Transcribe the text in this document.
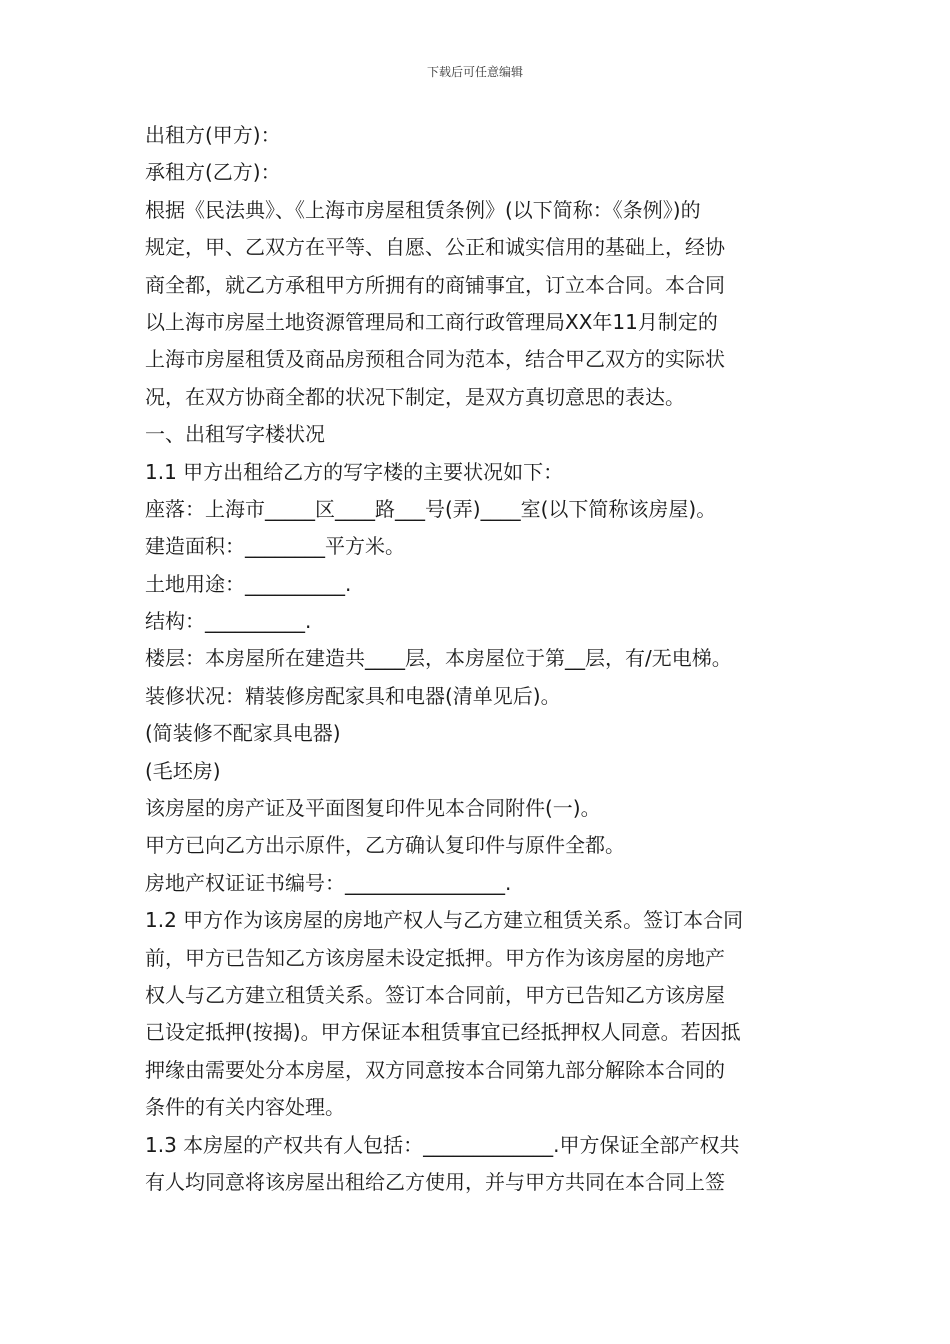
下载后可任意编辑
出租方(甲方)：
承租方(乙方)：
根据《民法典》、《上海市房屋租赁条例》(以下简称：《条例》)的
规定，甲、乙双方在平等、自愿、公正和诚实信用的基础上，经协
商全都，就乙方承租甲方所拥有的商铺事宜，订立本合同。本合同
以上海市房屋土地资源管理局和工商行政管理局XX年11月制定的
上海市房屋租赁及商品房预租合同为范本，结合甲乙双方的实际状
况，在双方协商全都的状况下制定，是双方真切意思的表达。
一、出租写字楼状况
1.1 甲方出租给乙方的写字楼的主要状况如下：
座落：上海市_____区____路___号(弄)____室(以下简称该房屋)。
建造面积：________平方米。
土地用途：__________.
结构：__________.
楼层：本房屋所在建造共____层，本房屋位于第__层，有/无电梯。
装修状况：精装修房配家具和电器(清单见后)。
(简装修不配家具电器)
(毛坯房)
该房屋的房产证及平面图复印件见本合同附件(一)。
甲方已向乙方出示原件，乙方确认复印件与原件全都。
房地产权证证书编号：________________.
1.2 甲方作为该房屋的房地产权人与乙方建立租赁关系。签订本合同
前，甲方已告知乙方该房屋未设定抵押。甲方作为该房屋的房地产
权人与乙方建立租赁关系。签订本合同前，甲方已告知乙方该房屋
已设定抵押(按揭)。甲方保证本租赁事宜已经抵押权人同意。若因抵
押缘由需要处分本房屋，双方同意按本合同第九部分解除本合同的
条件的有关内容处理。
1.3 本房屋的产权共有人包括：_____________.甲方保证全部产权共
有人均同意将该房屋出租给乙方使用，并与甲方共同在本合同上签
